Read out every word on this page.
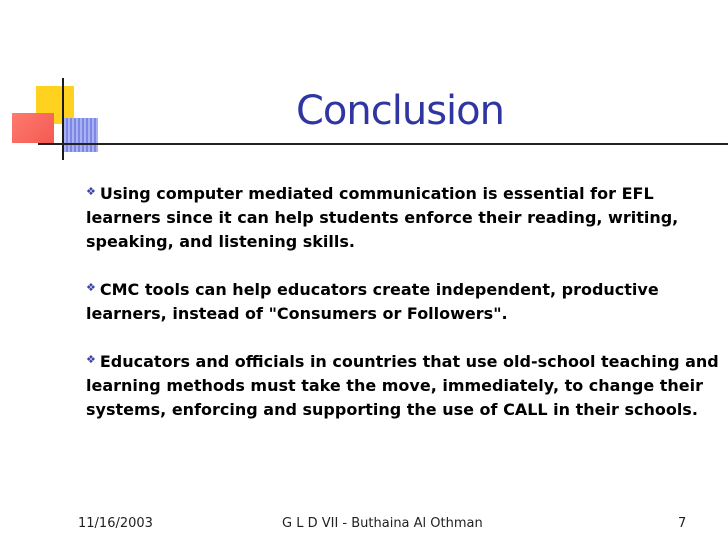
Conclusion
❖ Using computer mediated communication is essential for EFL learners since it can help students enforce their reading, writing, speaking, and listening skills.
❖ CMC tools can help educators create independent, productive learners, instead of "Consumers or Followers".
❖ Educators and officials in countries that use old-school teaching and learning methods must take the move, immediately, to change their systems, enforcing and supporting the use of CALL in their schools.
11/16/2003	G L D VII - Buthaina Al Othman	7
